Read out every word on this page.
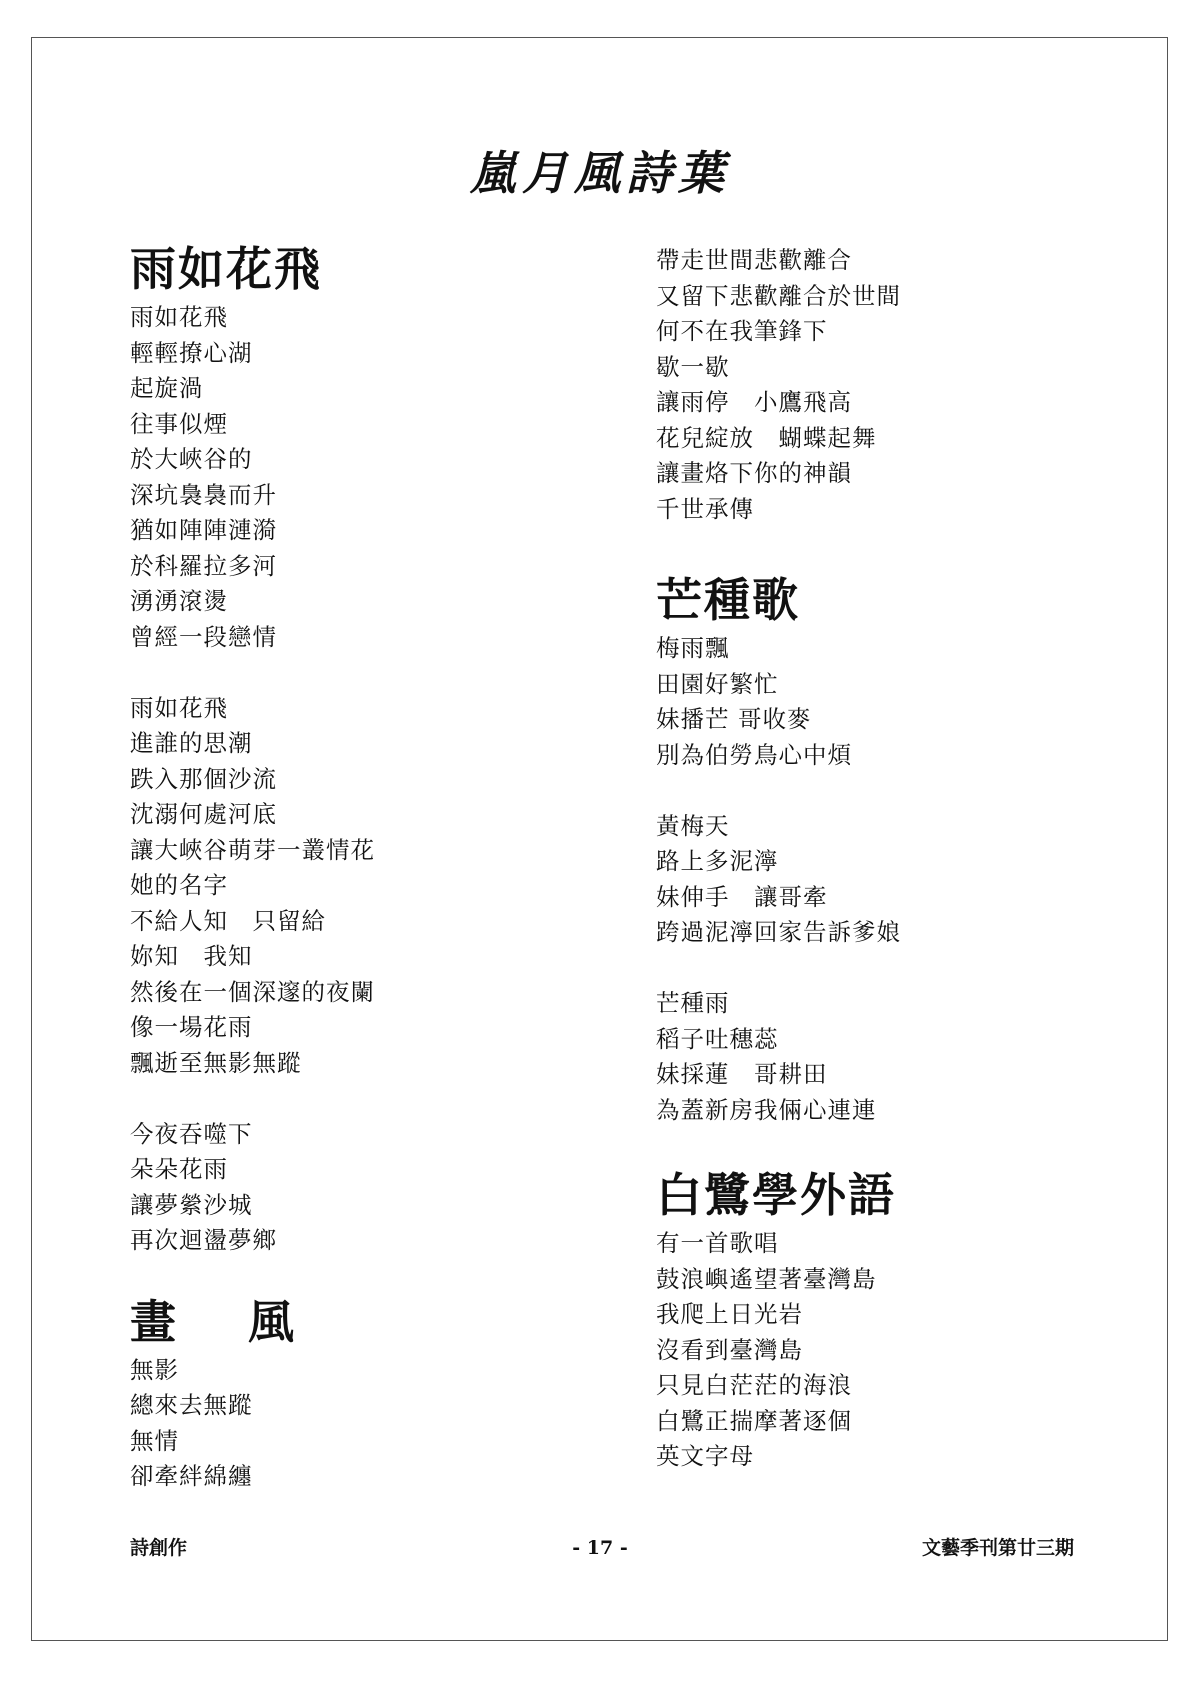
嵐月風詩葉
雨如花飛
雨如花飛
輕輕撩心湖
起旋渦
往事似煙
於大峽谷的
深坑裊裊而升
猶如陣陣漣漪
於科羅拉多河
湧湧滾燙
曾經一段戀情
雨如花飛
進誰的思潮
跌入那個沙流
沈溺何處河底
讓大峽谷萌芽一叢情花
她的名字
不給人知　只留給
妳知　我知
然後在一個深邃的夜闌
像一場花雨
飄逝至無影無蹤
今夜吞噬下
朵朵花雨
讓夢縈沙城
再次迴盪夢鄉
畫 風
無影
總來去無蹤
無情
卻牽絆綿纏
帶走世間悲歡離合
又留下悲歡離合於世間
何不在我筆鋒下
歇一歇
讓雨停　小鷹飛高
花兒綻放　蝴蝶起舞
讓畫烙下你的神韻
千世承傳
芒種歌
梅雨飄
田園好繁忙
妹播芒 哥收麥
別為伯勞鳥心中煩
黃梅天
路上多泥濘
妹伸手　讓哥牽
跨過泥濘回家告訴爹娘
芒種雨
稻子吐穗蕊
妹採蓮　哥耕田
為蓋新房我倆心連連
白鷺學外語
有一首歌唱
鼓浪嶼遙望著臺灣島
我爬上日光岩
沒看到臺灣島
只見白茫茫的海浪
白鷺正揣摩著逐個
英文字母
詩創作	- 17 -	文藝季刊第廿三期
